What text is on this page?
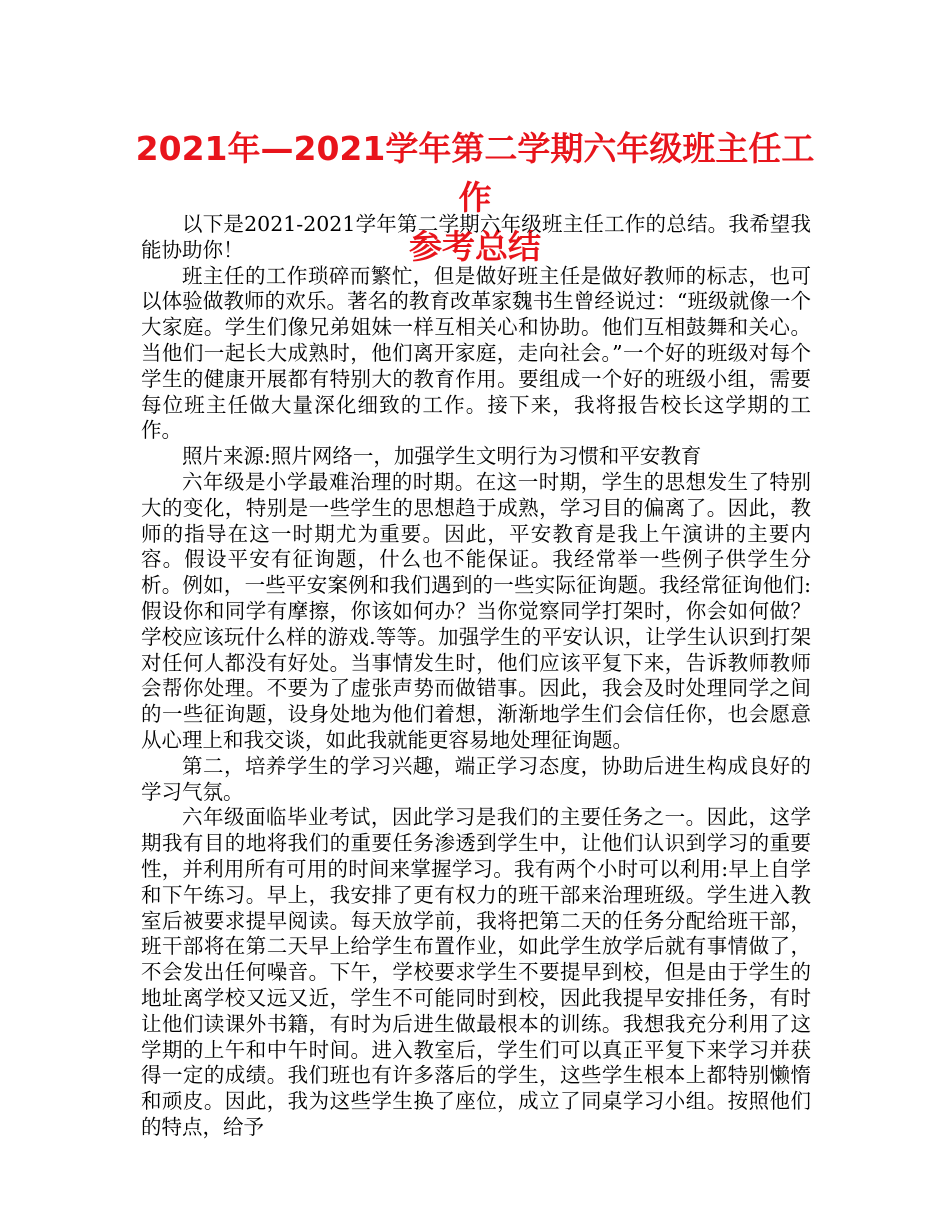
2021年—2021学年第二学期六年级班主任工作
参考总结

以下是2021-2021学年第二学期六年级班主任工作的总结。我希望我能协助你！

班主任的工作琐碎而繁忙，但是做好班主任是做好教师的标志，也可以体验做教师的欢乐。著名的教育改革家魏书生曾经说过：“班级就像一个大家庭。学生们像兄弟姐妹一样互相关心和协助。他们互相鼓舞和关心。当他们一起长大成熟时，他们离开家庭，走向社会。”一个好的班级对每个学生的健康开展都有特别大的教育作用。要组成一个好的班级小组，需要每位班主任做大量深化细致的工作。接下来，我将报告校长这学期的工作。

照片来源:照片网络一，加强学生文明行为习惯和平安教育

六年级是小学最难治理的时期。在这一时期，学生的思想发生了特别大的变化，特别是一些学生的思想趋于成熟，学习目的偏离了。因此，教师的指导在这一时期尤为重要。因此，平安教育是我上午演讲的主要内容。假设平安有征询题，什么也不能保证。我经常举一些例子供学生分析。例如，一些平安案例和我们遇到的一些实际征询题。我经常征询他们:假设你和同学有摩擦，你该如何办？当你觉察同学打架时，你会如何做？学校应该玩什么样的游戏.等等。加强学生的平安认识，让学生认识到打架对任何人都没有好处。当事情发生时，他们应该平复下来，告诉教师教师会帮你处理。不要为了虚张声势而做错事。因此，我会及时处理同学之间的一些征询题，设身处地为他们着想，渐渐地学生们会信任你，也会愿意从心理上和我交谈，如此我就能更容易地处理征询题。

第二，培养学生的学习兴趣，端正学习态度，协助后进生构成良好的学习气氛。

六年级面临毕业考试，因此学习是我们的主要任务之一。因此，这学期我有目的地将我们的重要任务渗透到学生中，让他们认识到学习的重要性，并利用所有可用的时间来掌握学习。我有两个小时可以利用:早上自学和下午练习。早上，我安排了更有权力的班干部来治理班级。学生进入教室后被要求提早阅读。每天放学前，我将把第二天的任务分配给班干部，班干部将在第二天早上给学生布置作业，如此学生放学后就有事情做了，不会发出任何噪音。下午，学校要求学生不要提早到校，但是由于学生的地址离学校又远又近，学生不可能同时到校，因此我提早安排任务，有时让他们读课外书籍，有时为后进生做最根本的训练。我想我充分利用了这学期的上午和中午时间。进入教室后，学生们可以真正平复下来学习并获得一定的成绩。我们班也有许多落后的学生，这些学生根本上都特别懒惰和顽皮。因此，我为这些学生换了座位，成立了同桌学习小组。按照他们的特点，给予
